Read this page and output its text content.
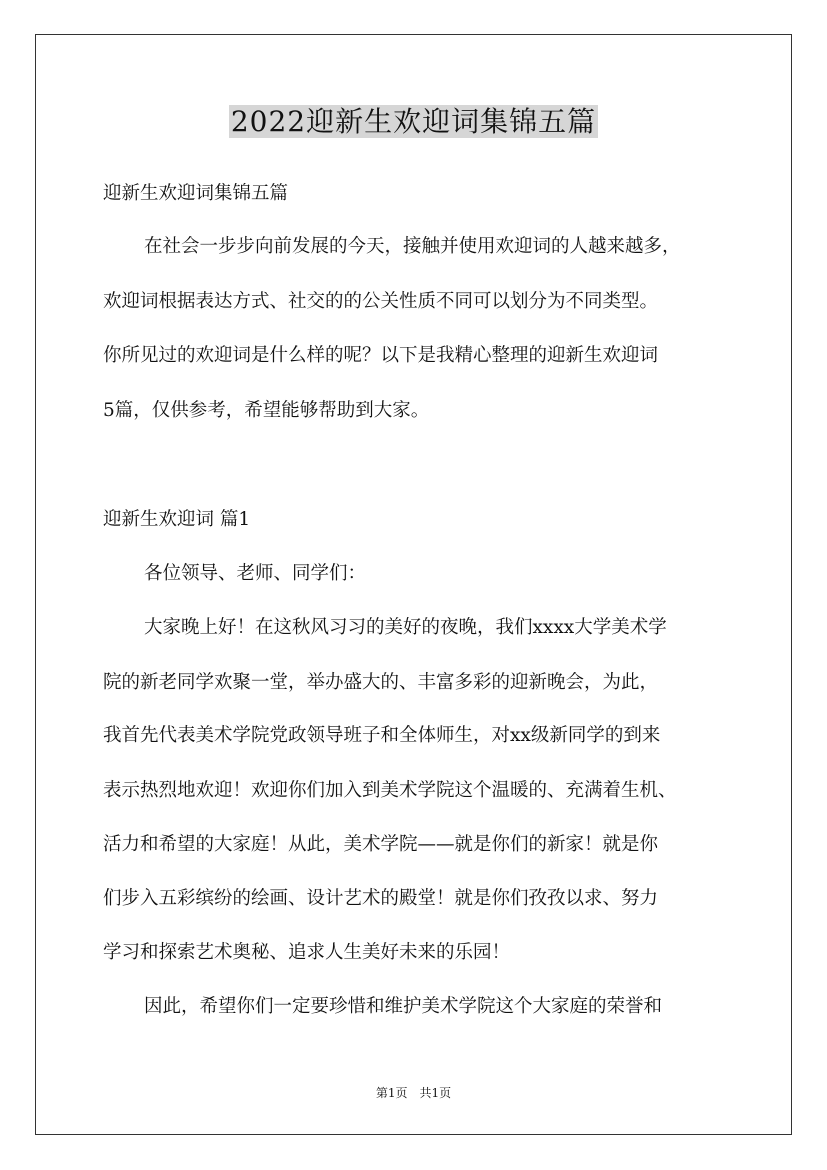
2022迎新生欢迎词集锦五篇

迎新生欢迎词集锦五篇

在社会一步步向前发展的今天，接触并使用欢迎词的人越来越多，

欢迎词根据表达方式、社交的的公关性质不同可以划分为不同类型。

你所见过的欢迎词是什么样的呢？以下是我精心整理的迎新生欢迎词

5篇，仅供参考，希望能够帮助到大家。

迎新生欢迎词 篇1

各位领导、老师、同学们：

大家晚上好！在这秋风习习的美好的夜晚，我们xxxx大学美术学

院的新老同学欢聚一堂，举办盛大的、丰富多彩的迎新晚会，为此，

我首先代表美术学院党政领导班子和全体师生，对xx级新同学的到来

表示热烈地欢迎！欢迎你们加入到美术学院这个温暖的、充满着生机、

活力和希望的大家庭！从此，美术学院——就是你们的新家！就是你

们步入五彩缤纷的绘画、设计艺术的殿堂！就是你们孜孜以求、努力

学习和探索艺术奥秘、追求人生美好未来的乐园！

因此，希望你们一定要珍惜和维护美术学院这个大家庭的荣誉和

第1页　共1页
